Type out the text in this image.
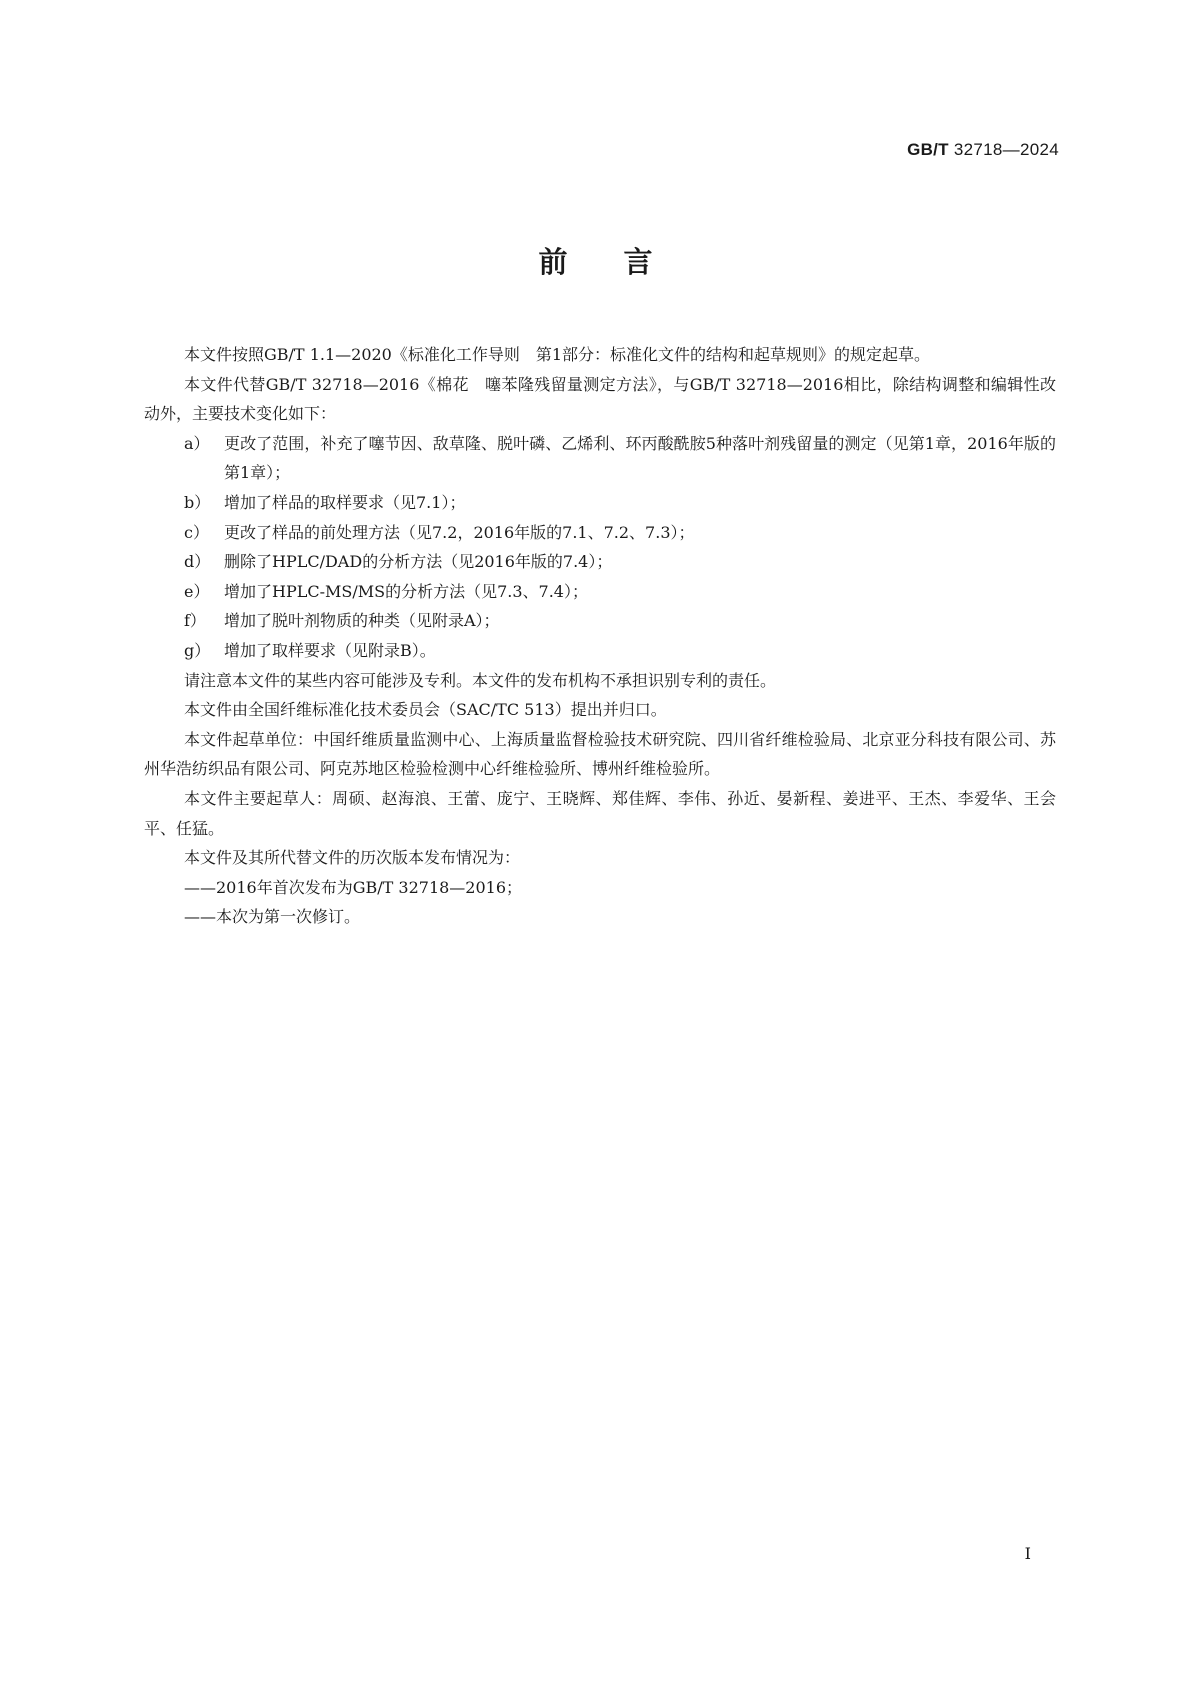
GB/T 32718—2024
前言

本文件按照GB/T 1.1—2020《标准化工作导则　第1部分：标准化文件的结构和起草规则》的规定起草。

本文件代替GB/T 32718—2016《棉花　噻苯隆残留量测定方法》，与GB/T 32718—2016相比，除结构调整和编辑性改动外，主要技术变化如下：

a） 更改了范围，补充了噻节因、敌草隆、脱叶磷、乙烯利、环丙酸酰胺5种落叶剂残留量的测定（见第1章，2016年版的第1章）；

b） 增加了样品的取样要求（见7.1）；

c） 更改了样品的前处理方法（见7.2，2016年版的7.1、7.2、7.3）；

d） 删除了HPLC/DAD的分析方法（见2016年版的7.4）；

e） 增加了HPLC-MS/MS的分析方法（见7.3、7.4）；

f） 增加了脱叶剂物质的种类（见附录A）；

g） 增加了取样要求（见附录B）。

请注意本文件的某些内容可能涉及专利。本文件的发布机构不承担识别专利的责任。

本文件由全国纤维标准化技术委员会（SAC/TC 513）提出并归口。

本文件起草单位：中国纤维质量监测中心、上海质量监督检验技术研究院、四川省纤维检验局、北京亚分科技有限公司、苏州华浩纺织品有限公司、阿克苏地区检验检测中心纤维检验所、博州纤维检验所。

本文件主要起草人：周硕、赵海浪、王蕾、庞宁、王晓辉、郑佳辉、李伟、孙近、晏新程、姜进平、王杰、李爱华、王会平、任猛。

本文件及其所代替文件的历次版本发布情况为：

——2016年首次发布为GB/T 32718—2016；

——本次为第一次修订。

I
